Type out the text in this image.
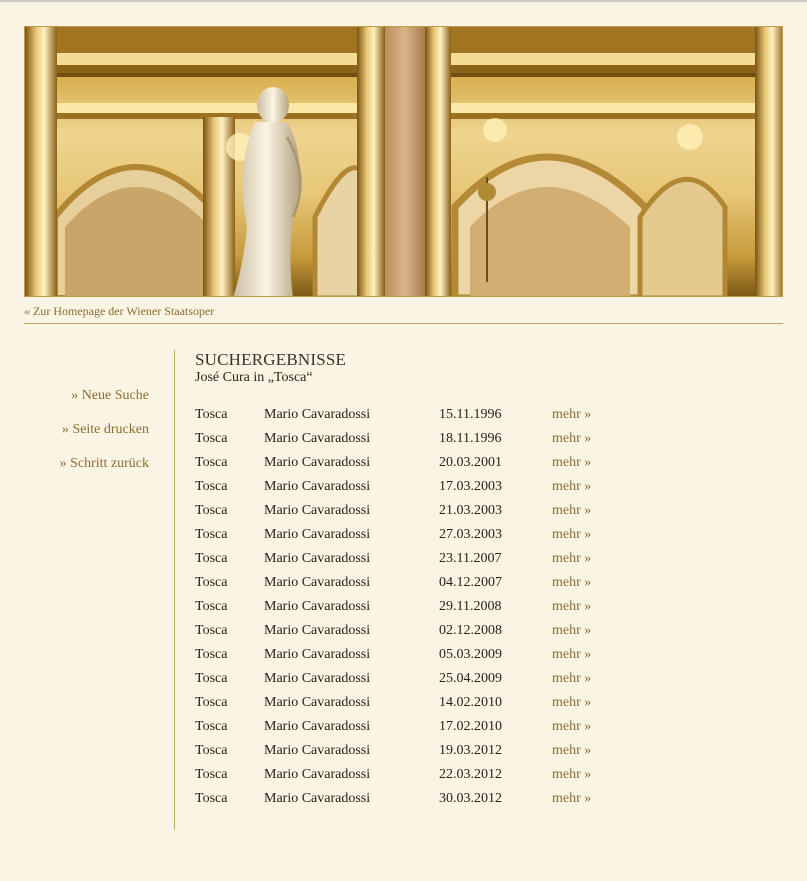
« Zur Homepage der Wiener Staatsoper
» Neue Suche
» Seite drucken
» Schritt zurück
SUCHERGEBNISSE
José Cura in „Tosca“
Tosca	Mario Cavaradossi	15.11.1996	mehr »
Tosca	Mario Cavaradossi	18.11.1996	mehr »
Tosca	Mario Cavaradossi	20.03.2001	mehr »
Tosca	Mario Cavaradossi	17.03.2003	mehr »
Tosca	Mario Cavaradossi	21.03.2003	mehr »
Tosca	Mario Cavaradossi	27.03.2003	mehr »
Tosca	Mario Cavaradossi	23.11.2007	mehr »
Tosca	Mario Cavaradossi	04.12.2007	mehr »
Tosca	Mario Cavaradossi	29.11.2008	mehr »
Tosca	Mario Cavaradossi	02.12.2008	mehr »
Tosca	Mario Cavaradossi	05.03.2009	mehr »
Tosca	Mario Cavaradossi	25.04.2009	mehr »
Tosca	Mario Cavaradossi	14.02.2010	mehr »
Tosca	Mario Cavaradossi	17.02.2010	mehr »
Tosca	Mario Cavaradossi	19.03.2012	mehr »
Tosca	Mario Cavaradossi	22.03.2012	mehr »
Tosca	Mario Cavaradossi	30.03.2012	mehr »
